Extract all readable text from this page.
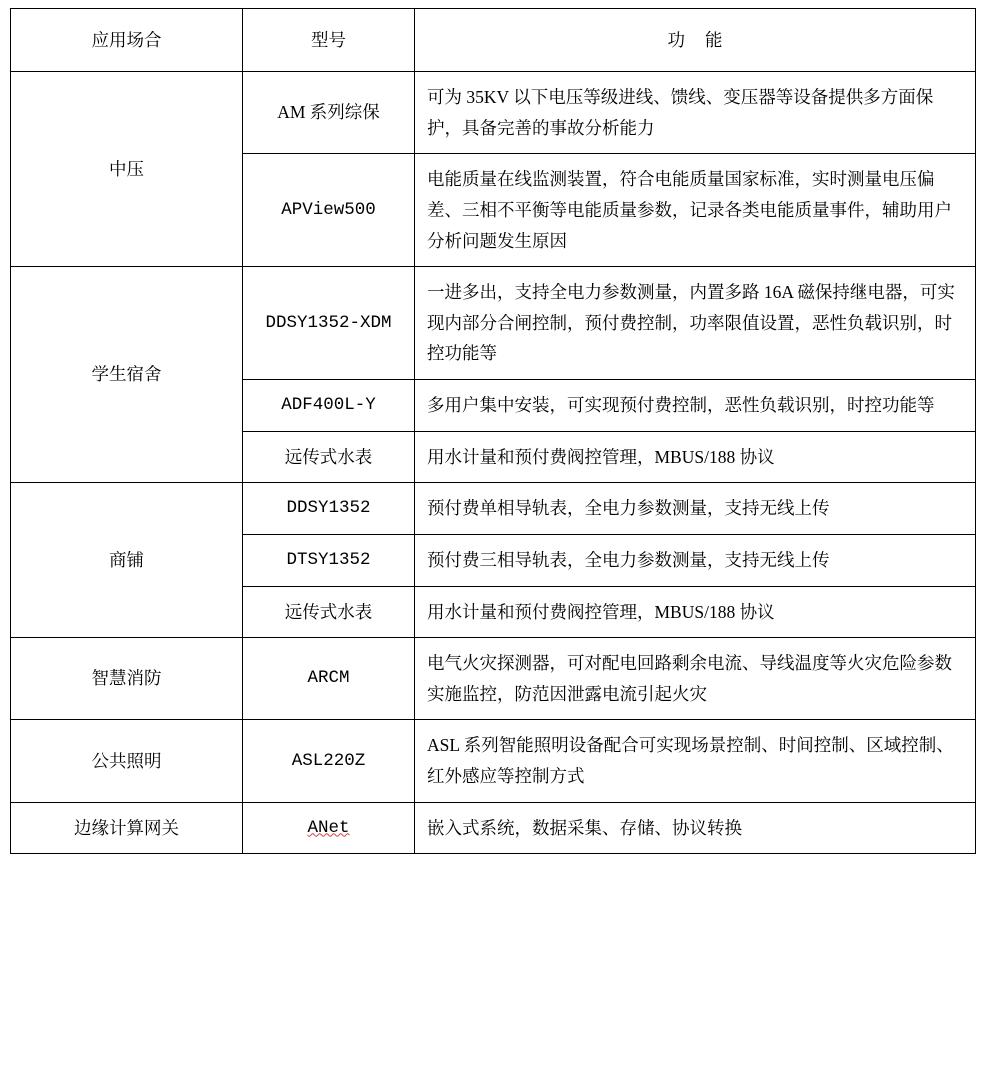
应用场合	型号	功 能
中压	AM 系列综保	可为 35KV 以下电压等级进线、馈线、变压器等设备提供多方面保护，具备完善的事故分析能力
	APView500	电能质量在线监测装置，符合电能质量国家标准，实时测量电压偏差、三相不平衡等电能质量参数，记录各类电能质量事件，辅助用户分析问题发生原因
学生宿舍	DDSY1352-XDM	一进多出，支持全电力参数测量，内置多路 16A 磁保持继电器，可实现内部分合闸控制，预付费控制，功率限值设置，恶性负载识别，时控功能等
	ADF400L-Y	多用户集中安装，可实现预付费控制，恶性负载识别，时控功能等
	远传式水表	用水计量和预付费阀控管理，MBUS/188 协议
商铺	DDSY1352	预付费单相导轨表，全电力参数测量，支持无线上传
	DTSY1352	预付费三相导轨表，全电力参数测量，支持无线上传
	远传式水表	用水计量和预付费阀控管理，MBUS/188 协议
智慧消防	ARCM	电气火灾探测器，可对配电回路剩余电流、导线温度等火灾危险参数实施监控，防范因泄露电流引起火灾
公共照明	ASL220Z	ASL 系列智能照明设备配合可实现场景控制、时间控制、区域控制、红外感应等控制方式
边缘计算网关	ANet	嵌入式系统，数据采集、存储、协议转换
